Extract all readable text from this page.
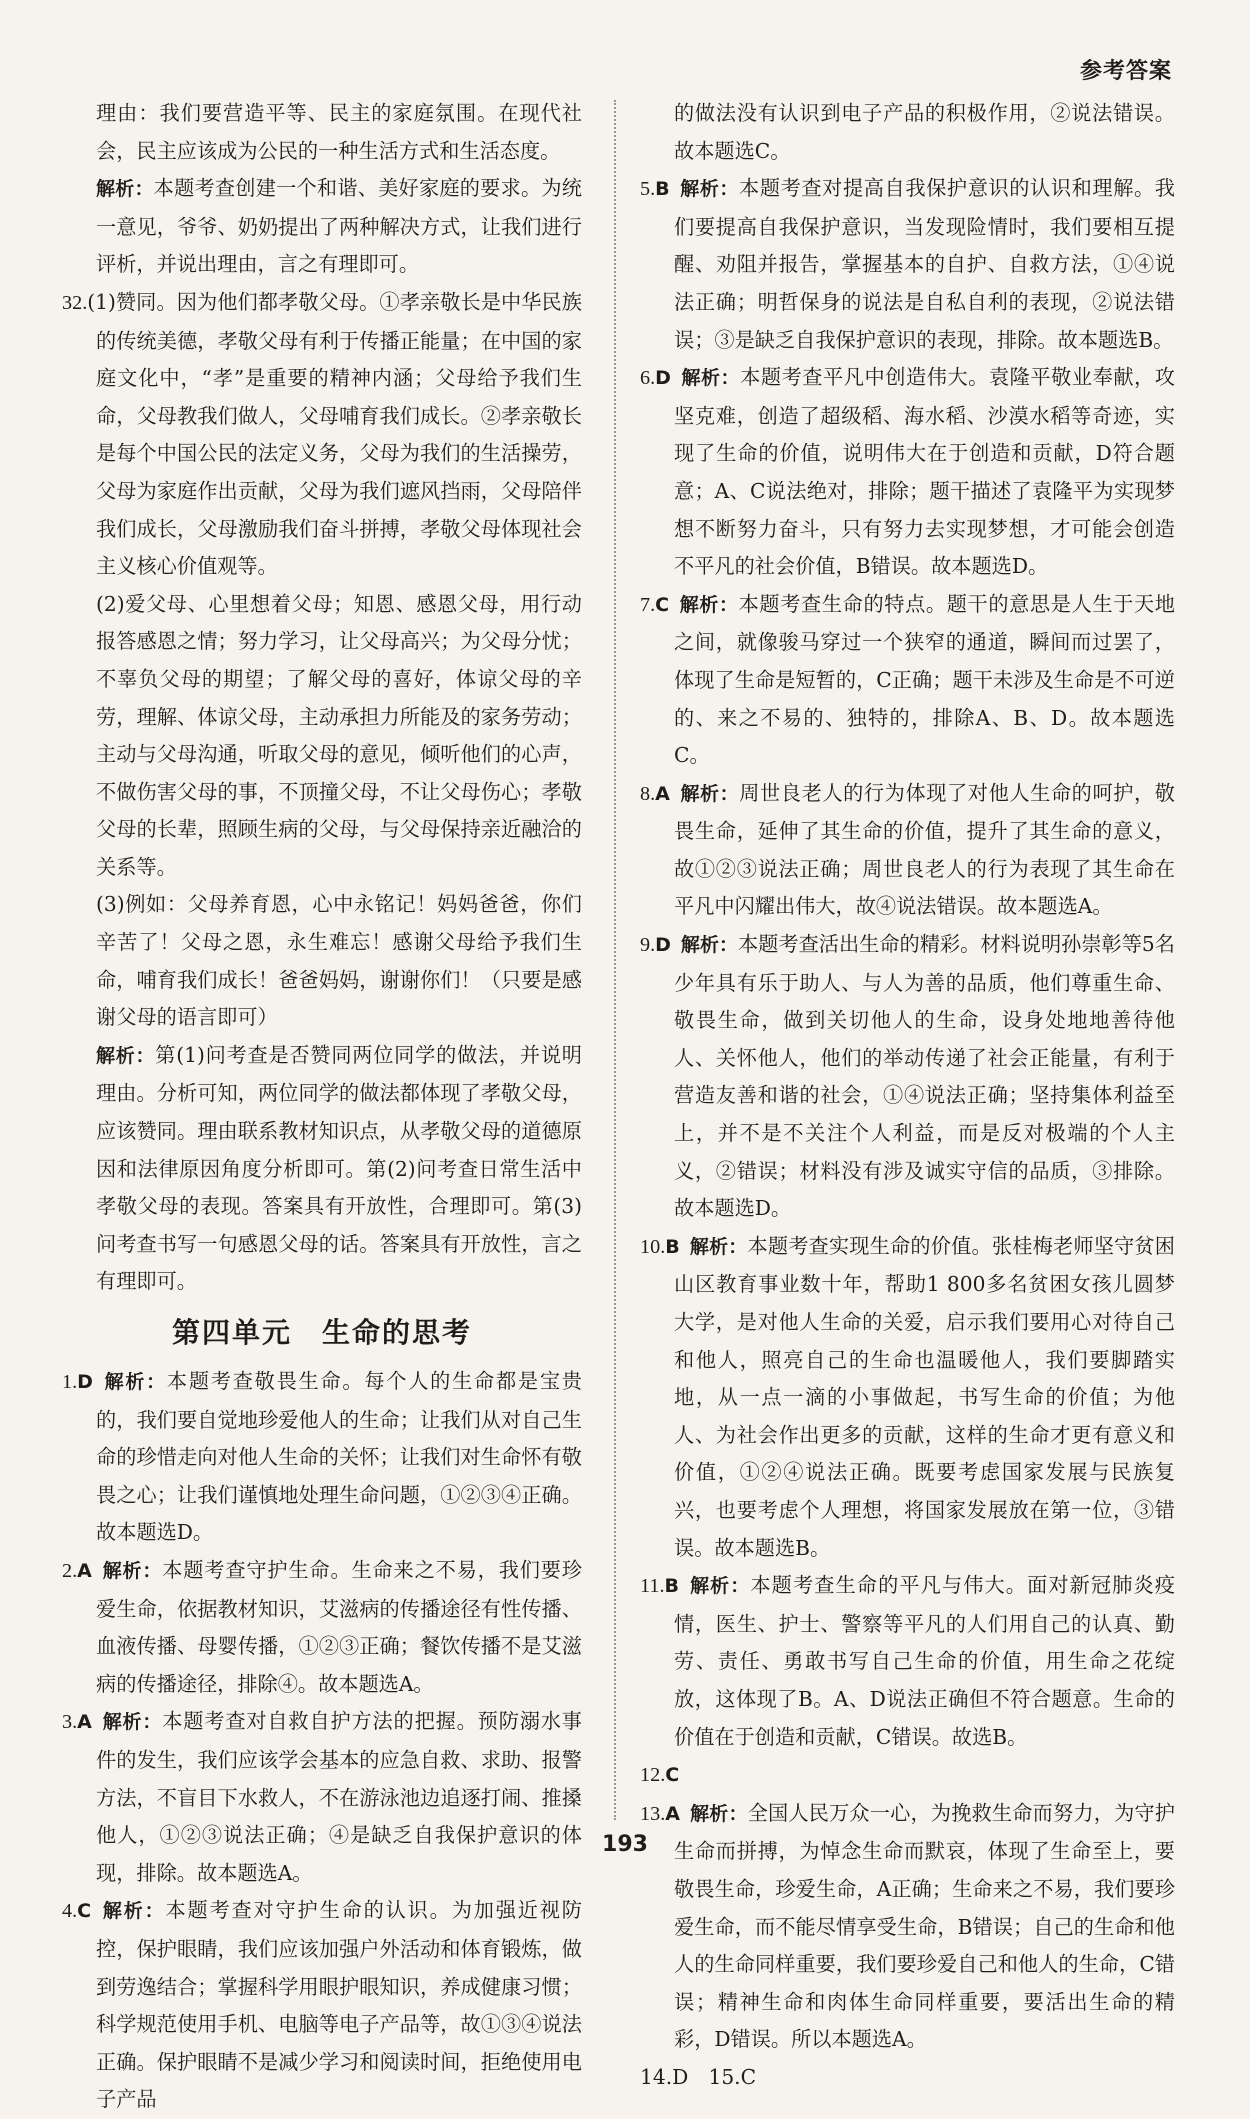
参考答案

理由：我们要营造平等、民主的家庭氛围。在现代社会，民主应该成为公民的一种生活方式和生活态度。

解析：本题考查创建一个和谐、美好家庭的要求。为统一意见，爷爷、奶奶提出了两种解决方式，让我们进行评析，并说出理由，言之有理即可。

32.(1)赞同。因为他们都孝敬父母。①孝亲敬长是中华民族的传统美德，孝敬父母有利于传播正能量；在中国的家庭文化中，“孝”是重要的精神内涵；父母给予我们生命，父母教我们做人，父母哺育我们成长。②孝亲敬长是每个中国公民的法定义务，父母为我们的生活操劳，父母为家庭作出贡献，父母为我们遮风挡雨，父母陪伴我们成长，父母激励我们奋斗拼搏，孝敬父母体现社会主义核心价值观等。

(2)爱父母、心里想着父母；知恩、感恩父母，用行动报答感恩之情；努力学习，让父母高兴；为父母分忧；不辜负父母的期望；了解父母的喜好，体谅父母的辛劳，理解、体谅父母，主动承担力所能及的家务劳动；主动与父母沟通，听取父母的意见，倾听他们的心声，不做伤害父母的事，不顶撞父母，不让父母伤心；孝敬父母的长辈，照顾生病的父母，与父母保持亲近融洽的关系等。

(3)例如：父母养育恩，心中永铭记！妈妈爸爸，你们辛苦了！父母之恩，永生难忘！感谢父母给予我们生命，哺育我们成长！爸爸妈妈，谢谢你们！（只要是感谢父母的语言即可）

解析：第(1)问考查是否赞同两位同学的做法，并说明理由。分析可知，两位同学的做法都体现了孝敬父母，应该赞同。理由联系教材知识点，从孝敬父母的道德原因和法律原因角度分析即可。第(2)问考查日常生活中孝敬父母的表现。答案具有开放性，合理即可。第(3)问考查书写一句感恩父母的话。答案具有开放性，言之有理即可。

第四单元　生命的思考

1.D 解析：本题考查敬畏生命。每个人的生命都是宝贵的，我们要自觉地珍爱他人的生命；让我们从对自己生命的珍惜走向对他人生命的关怀；让我们对生命怀有敬畏之心；让我们谨慎地处理生命问题，①②③④正确。故本题选D。

2.A 解析：本题考查守护生命。生命来之不易，我们要珍爱生命，依据教材知识，艾滋病的传播途径有性传播、血液传播、母婴传播，①②③正确；餐饮传播不是艾滋病的传播途径，排除④。故本题选A。

3.A 解析：本题考查对自救自护方法的把握。预防溺水事件的发生，我们应该学会基本的应急自救、求助、报警方法，不盲目下水救人，不在游泳池边追逐打闹、推搡他人，①②③说法正确；④是缺乏自我保护意识的体现，排除。故本题选A。

4.C 解析：本题考查对守护生命的认识。为加强近视防控，保护眼睛，我们应该加强户外活动和体育锻炼，做到劳逸结合；掌握科学用眼护眼知识，养成健康习惯；科学规范使用手机、电脑等电子产品等，故①③④说法正确。保护眼睛不是减少学习和阅读时间，拒绝使用电子产品

的做法没有认识到电子产品的积极作用，②说法错误。故本题选C。

5.B 解析：本题考查对提高自我保护意识的认识和理解。我们要提高自我保护意识，当发现险情时，我们要相互提醒、劝阻并报告，掌握基本的自护、自救方法，①④说法正确；明哲保身的说法是自私自利的表现，②说法错误；③是缺乏自我保护意识的表现，排除。故本题选B。

6.D 解析：本题考查平凡中创造伟大。袁隆平敬业奉献，攻坚克难，创造了超级稻、海水稻、沙漠水稻等奇迹，实现了生命的价值，说明伟大在于创造和贡献，D符合题意；A、C说法绝对，排除；题干描述了袁隆平为实现梦想不断努力奋斗，只有努力去实现梦想，才可能会创造不平凡的社会价值，B错误。故本题选D。

7.C 解析：本题考查生命的特点。题干的意思是人生于天地之间，就像骏马穿过一个狭窄的通道，瞬间而过罢了，体现了生命是短暂的，C正确；题干未涉及生命是不可逆的、来之不易的、独特的，排除A、B、D。故本题选C。

8.A 解析：周世良老人的行为体现了对他人生命的呵护，敬畏生命，延伸了其生命的价值，提升了其生命的意义，故①②③说法正确；周世良老人的行为表现了其生命在平凡中闪耀出伟大，故④说法错误。故本题选A。

9.D 解析：本题考查活出生命的精彩。材料说明孙崇彰等5名少年具有乐于助人、与人为善的品质，他们尊重生命、敬畏生命，做到关切他人的生命，设身处地地善待他人、关怀他人，他们的举动传递了社会正能量，有利于营造友善和谐的社会，①④说法正确；坚持集体利益至上，并不是不关注个人利益，而是反对极端的个人主义，②错误；材料没有涉及诚实守信的品质，③排除。故本题选D。

10.B 解析：本题考查实现生命的价值。张桂梅老师坚守贫困山区教育事业数十年，帮助1 800多名贫困女孩儿圆梦大学，是对他人生命的关爱，启示我们要用心对待自己和他人，照亮自己的生命也温暖他人，我们要脚踏实地，从一点一滴的小事做起，书写生命的价值；为他人、为社会作出更多的贡献，这样的生命才更有意义和价值，①②④说法正确。既要考虑国家发展与民族复兴，也要考虑个人理想，将国家发展放在第一位，③错误。故本题选B。

11.B 解析：本题考查生命的平凡与伟大。面对新冠肺炎疫情，医生、护士、警察等平凡的人们用自己的认真、勤劳、责任、勇敢书写自己生命的价值，用生命之花绽放，这体现了B。A、D说法正确但不符合题意。生命的价值在于创造和贡献，C错误。故选B。

12.C

13.A 解析：全国人民万众一心，为挽救生命而努力，为守护生命而拼搏，为悼念生命而默哀，体现了生命至上，要敬畏生命，珍爱生命，A正确；生命来之不易，我们要珍爱生命，而不能尽情享受生命，B错误；自己的生命和他人的生命同样重要，我们要珍爱自己和他人的生命，C错误；精神生命和肉体生命同样重要，要活出生命的精彩，D错误。所以本题选A。

14.D　15.C

193
